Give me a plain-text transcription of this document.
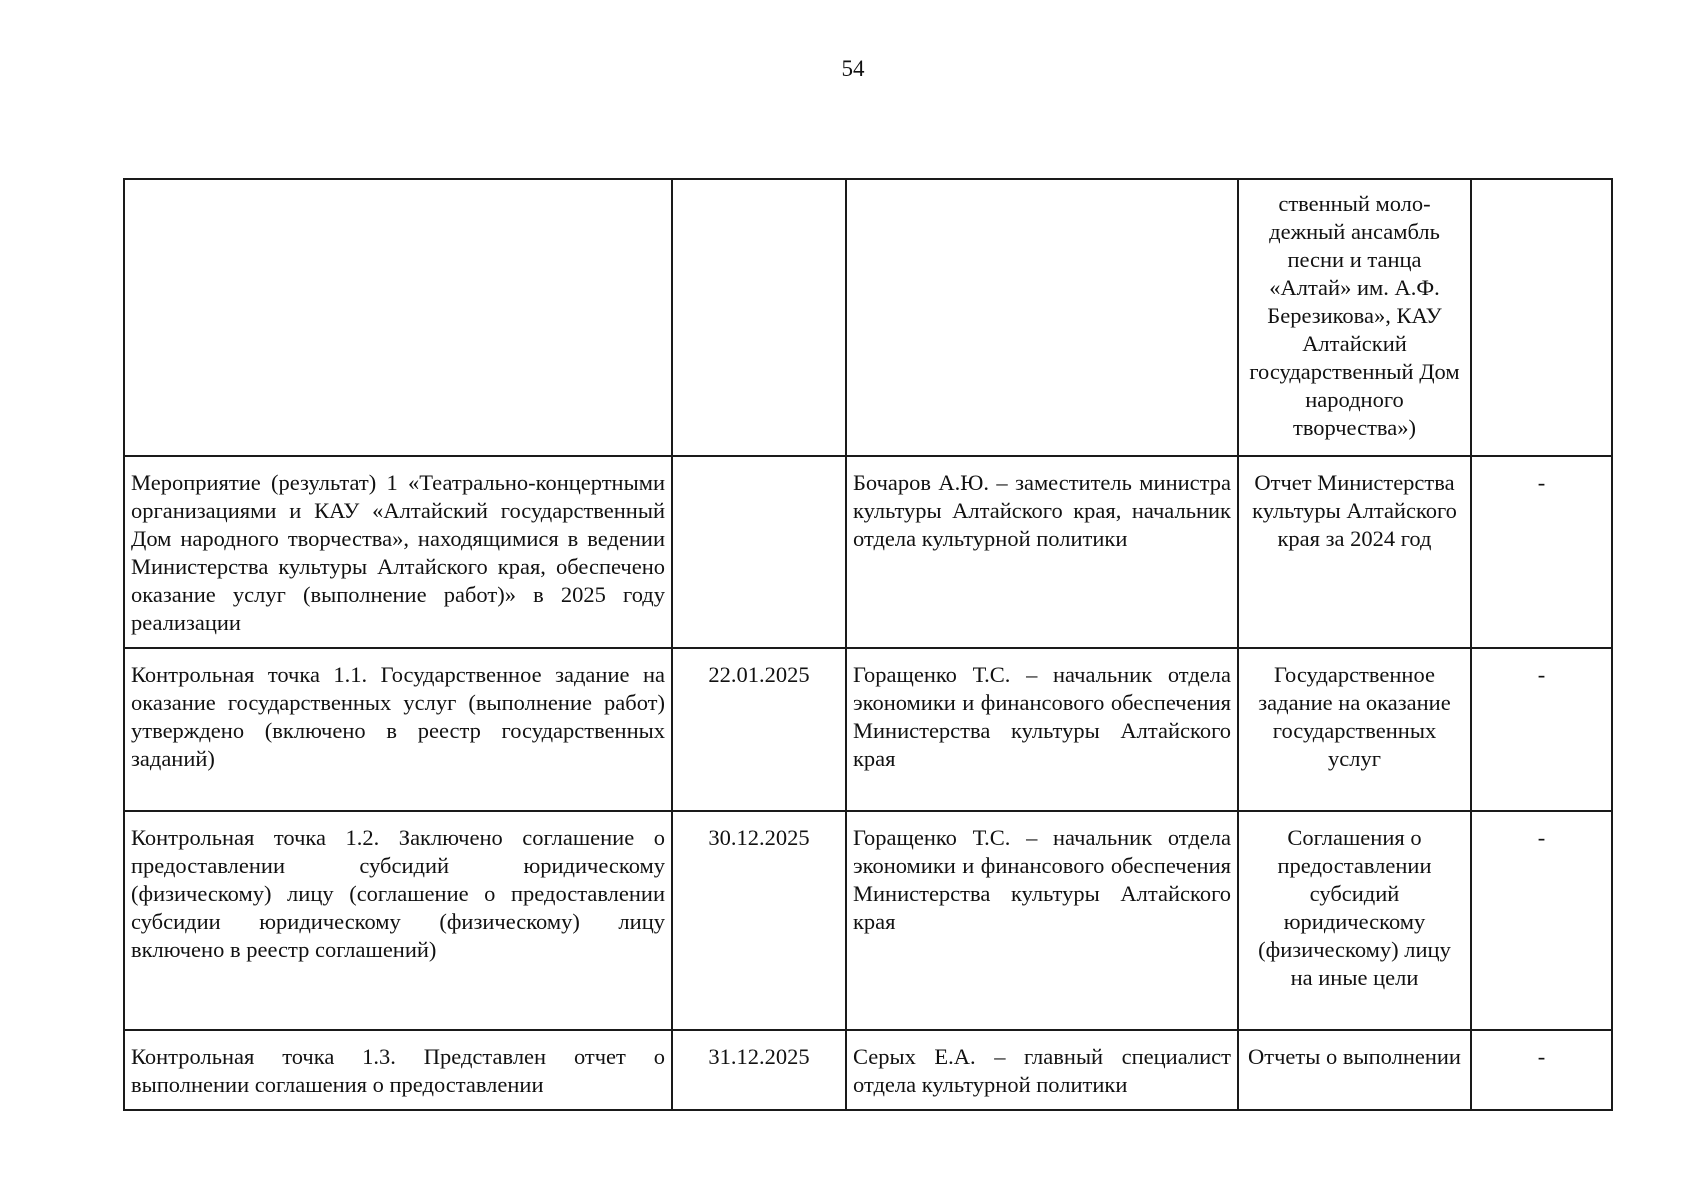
54

			ственный моло-дежный ансамбль песни и танца «Алтай» им. А.Ф. Березикова», КАУ Алтайский государственный Дом народного творчества»)	

Мероприятие (результат) 1 «Театрально-концертными организациями и КАУ «Алтайский государственный Дом народного творчества», находящимися в ведении Министерства культуры Алтайского края, обеспечено оказание услуг (выполнение работ)» в 2025 году реализации		Бочаров А.Ю. – заместитель министра культуры Алтайского края, начальник отдела культурной политики	Отчет Министерства культуры Алтайского края за 2024 год	-

Контрольная точка 1.1. Государственное задание на оказание государственных услуг (выполнение работ) утверждено (включено в реестр государственных заданий)	22.01.2025	Горащенко Т.С. – начальник отдела экономики и финансового обеспечения Министерства культуры Алтайского края	Государственное задание на оказание государственных услуг	-

Контрольная точка 1.2. Заключено соглашение о предоставлении субсидий юридическому (физическому) лицу (соглашение о предоставлении субсидии юридическому (физическому) лицу включено в реестр соглашений)	30.12.2025	Горащенко Т.С. – начальник отдела экономики и финансового обеспечения Министерства культуры Алтайского края	Соглашения о предоставлении субсидий юридическому (физическому) лицу на иные цели	-

Контрольная точка 1.3. Представлен отчет о выполнении соглашения о предоставлении	31.12.2025	Серых Е.А. – главный специалист отдела культурной политики	Отчеты о выполнении	-
